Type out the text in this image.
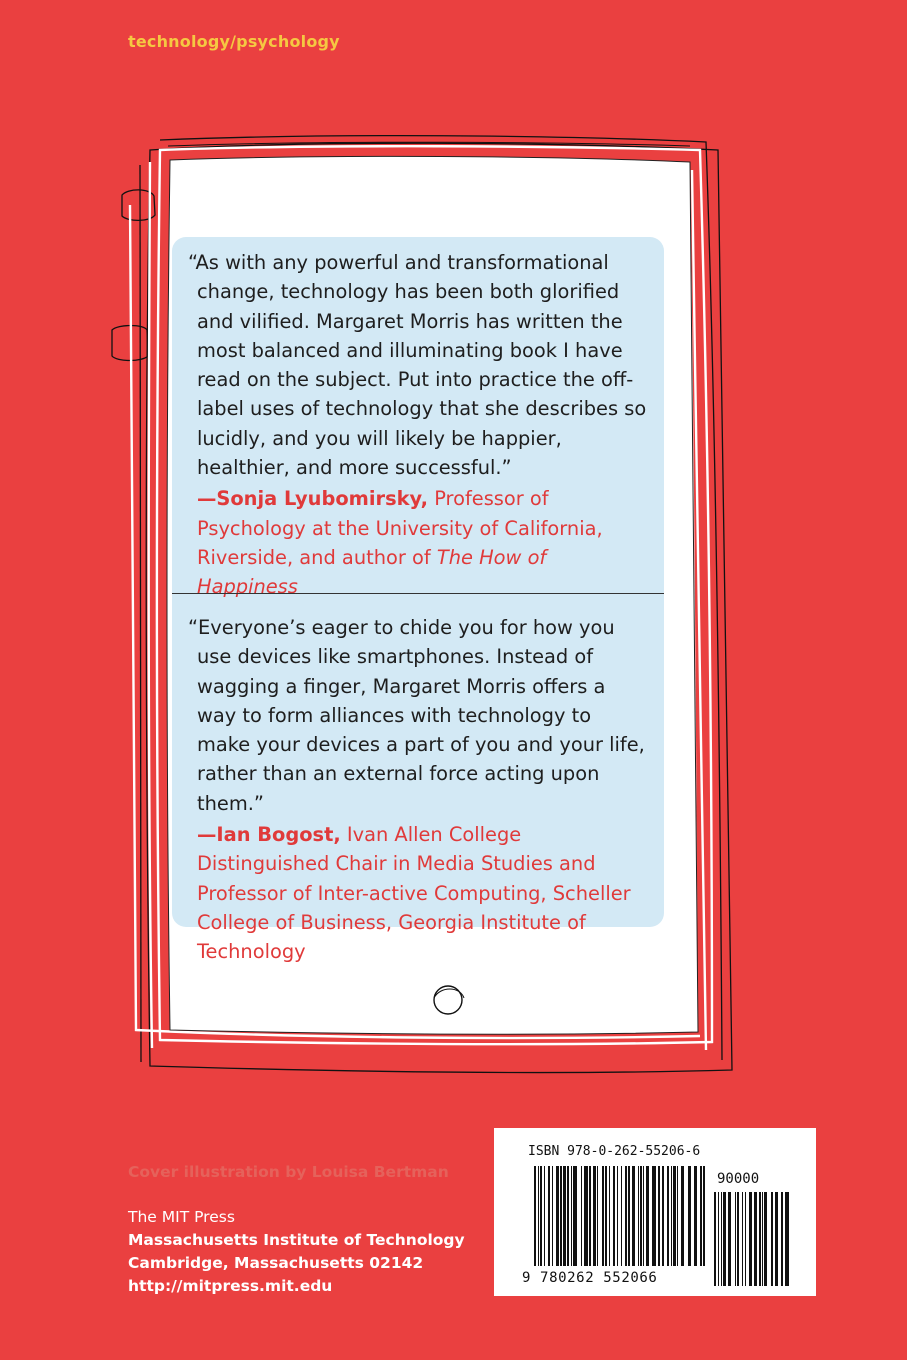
technology/psychology

“As with any powerful and transformational change, technology has been both glorified and vilified. Margaret Morris has written the most balanced and illuminating book I have read on the subject. Put into practice the off-label uses of technology that she describes so lucidly, and you will likely be happier, healthier, and more successful.”

—Sonja Lyubomirsky, Professor of Psychology at the University of California, Riverside, and author of The How of Happiness

“Everyone’s eager to chide you for how you use devices like smartphones. Instead of wagging a finger, Margaret Morris offers a way to form alliances with technology to make your devices a part of you and your life, rather than an external force acting upon them.”

—Ian Bogost, Ivan Allen College Distinguished Chair in Media Studies and Professor of Inter-active Computing, Scheller College of Business, Georgia Institute of Technology
Cover illustration by Louisa Bertman
The MIT Press
Massachusetts Institute of Technology
Cambridge, Massachusetts 02142
http://mitpress.mit.edu
ISBN 978-0-262-55206-6
90000
9 780262 552066
